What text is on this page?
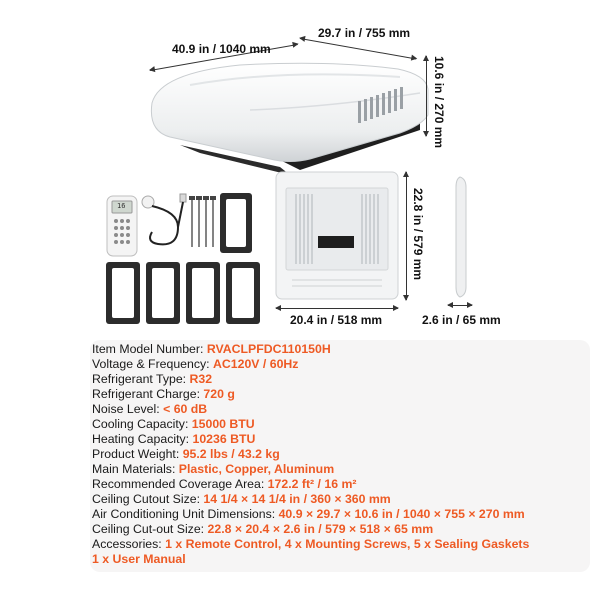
40.9 in / 1040 mm
29.7 in / 755 mm
10.6 in / 270 mm
16	22.8 in / 579 mm
20.4 in / 518 mm	2.6 in / 65 mm
Item Model Number: RVACLPFDC110150H
Voltage & Frequency: AC120V / 60Hz
Refrigerant Type: R32
Refrigerant Charge: 720 g
Noise Level: < 60 dB
Cooling Capacity: 15000 BTU
Heating Capacity: 10236 BTU
Product Weight: 95.2 lbs / 43.2 kg
Main Materials: Plastic, Copper, Aluminum
Recommended Coverage Area: 172.2 ft² / 16 m²
Ceiling Cutout Size: 14 1/4 × 14 1/4 in / 360 × 360 mm
Air Conditioning Unit Dimensions: 40.9 × 29.7 × 10.6 in / 1040 × 755 × 270 mm
Ceiling Cut-out Size: 22.8 × 20.4 × 2.6 in / 579 × 518 × 65 mm
Accessories: 1 x Remote Control, 4 x Mounting Screws, 5 x Sealing Gaskets
1 x User Manual
